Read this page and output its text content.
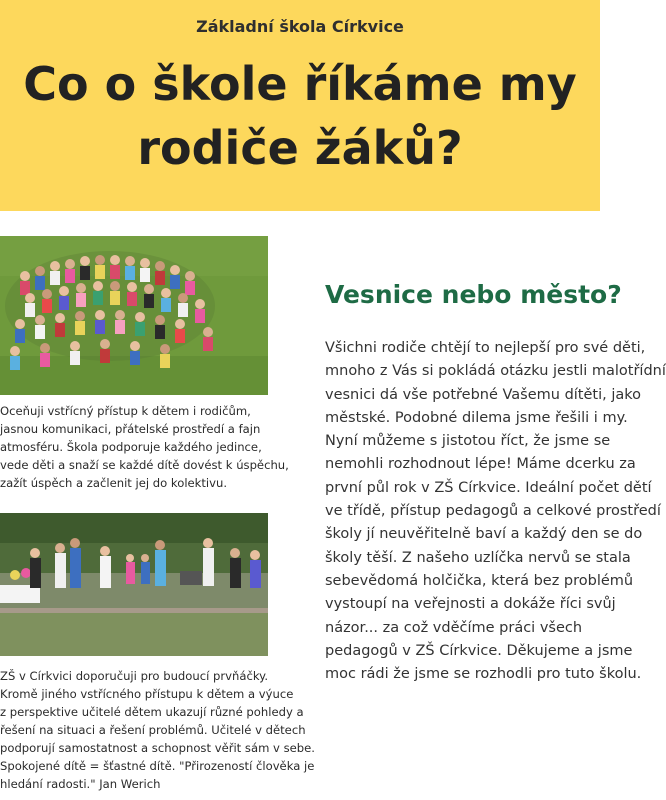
Základní škola Církvice
Co o škole říkáme my
rodiče žáků?

Oceňuji vstřícný přístup k dětem i rodičům,
jasnou komunikaci, přátelské prostředí a fajn
atmosféru. Škola podporuje každého jedince,
vede děti a snaží se každé dítě dovést k úspěchu,
zažít úspěch a začlenit jej do kolektivu.

ZŠ v Církvici doporučuji pro budoucí prvňáčky.
Kromě jiného vstřícného přístupu k dětem a výuce
z perspektive učitelé dětem ukazují různé pohledy a
řešení na situaci a řešení problémů. Učitelé v dětech
podporují samostatnost a schopnost věřit sám v sebe.
Spokojené dítě = šťastné dítě. "Přirozeností člověka je
hledání radosti." Jan Werich

Vesnice nebo město?
Všichni rodiče chtějí to nejlepší pro své děti,
mnoho z Vás si pokládá otázku jestli malotřídní
vesnici dá vše potřebné Vašemu dítěti, jako
městské. Podobné dilema jsme řešili i my.
Nyní můžeme s jistotou říct, že jsme se
nemohli rozhodnout lépe! Máme dcerku za
první půl rok v ZŠ Církvice. Ideální počet dětí
ve třídě, přístup pedagogů a celkové prostředí
školy jí neuvěřitelně baví a každý den se do
školy těší. Z našeho uzlíčka nervů se stala
sebevědomá holčička, která bez problémů
vystoupí na veřejnosti a dokáže říci svůj
názor... za což vděčíme práci všech
pedagogů v ZŠ Církvice. Děkujeme a jsme
moc rádi že jsme se rozhodli pro tuto školu.
